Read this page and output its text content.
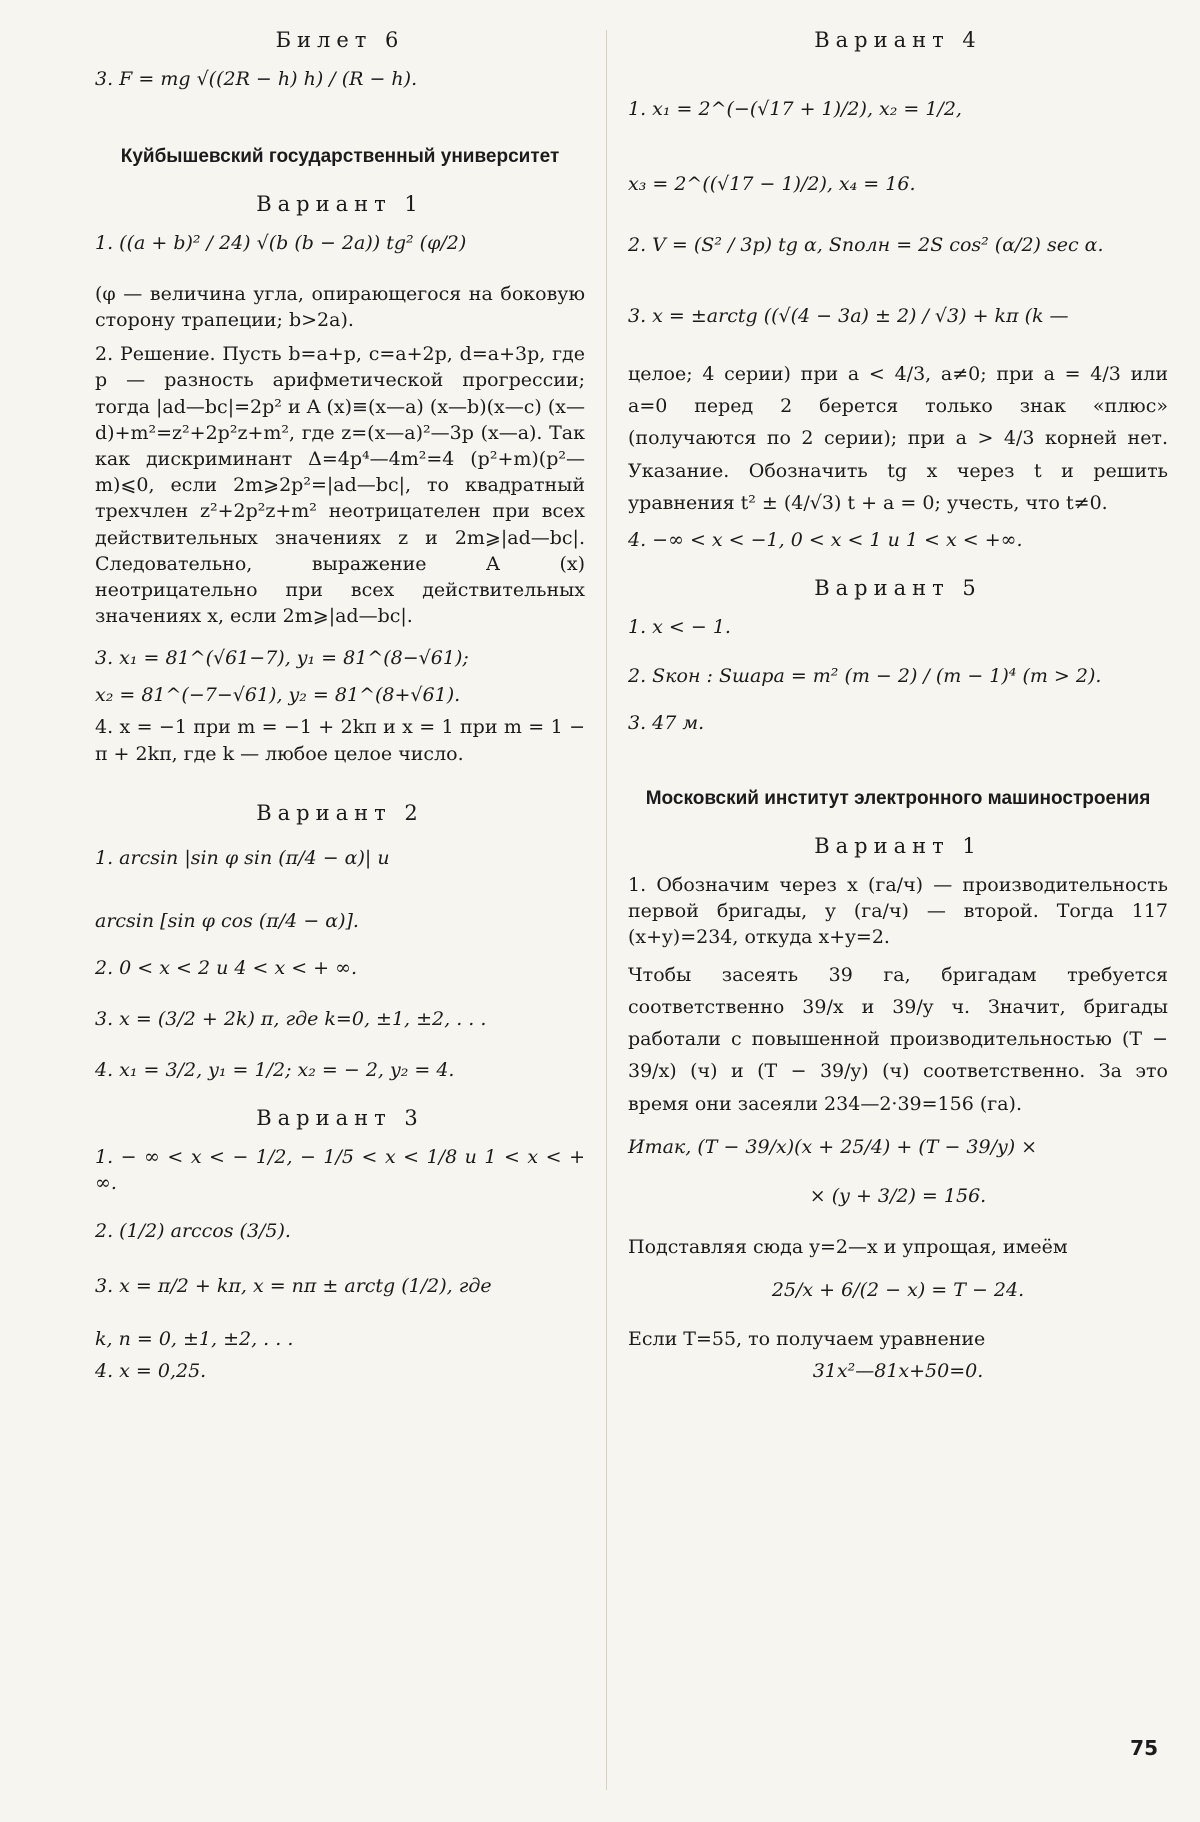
Билет 6
3. F = mg √((2R − h) h) / (R − h).
Куйбышевский государственный университет
Вариант 1
1. ((a + b)² / 24) √(b (b − 2a)) tg² (φ/2)
(φ — величина угла, опирающегося на боковую сторону трапеции; b>2a).
2. Решение. Пусть b=a+p, c=a+2p, d=a+3p, где p — разность арифметической прогрессии; тогда |ad—bc|=2p² и A (x)≡(x—a) (x—b)(x—c) (x—d)+m²=z²+2p²z+m², где z=(x—a)²—3p (x—a). Так как дискриминант Δ=4p⁴—4m²=4 (p²+m)(p²—m)⩽0, если 2m⩾2p²=|ad—bc|, то квадратный трехчлен z²+2p²z+m² неотрицателен при всех действительных значениях z и 2m⩾|ad—bc|. Следовательно, выражение A (x) неотрицательно при всех действительных значениях x, если 2m⩾|ad—bc|.
3. x₁ = 81^(√61−7), y₁ = 81^(8−√61);
x₂ = 81^(−7−√61), y₂ = 81^(8+√61).
4. x = −1 при m = −1 + 2kπ и x = 1 при m = 1 − π + 2kπ, где k — любое целое число.
Вариант 2
1. arcsin |sin φ sin (π/4 − α)| и
arcsin [sin φ cos (π/4 − α)].
2. 0 < x < 2 и 4 < x < + ∞.
3. x = (3/2 + 2k) π, где k=0, ±1, ±2, . . .
4. x₁ = 3/2, y₁ = 1/2; x₂ = − 2, y₂ = 4.
Вариант 3
1. − ∞ < x < − 1/2, − 1/5 < x < 1/8 и 1 < x < + ∞.
2. (1/2) arccos (3/5).
3. x = π/2 + kπ, x = nπ ± arctg (1/2), где
k, n = 0, ±1, ±2, . . .
4. x = 0,25.
Вариант 4
1. x₁ = 2^(−(√17 + 1)/2), x₂ = 1/2,
x₃ = 2^((√17 − 1)/2), x₄ = 16.
2. V = (S² / 3p) tg α, Sполн = 2S cos² (α/2) sec α.
3. x = ±arctg ((√(4 − 3a) ± 2) / √3) + kπ (k —
целое; 4 серии) при a < 4/3, a≠0; при a = 4/3 или a=0 перед 2 берется только знак «плюс» (получаются по 2 серии); при a > 4/3 корней нет. Указание. Обозначить tg x через t и решить уравнения t² ± (4/√3) t + a = 0; учесть, что t≠0.
4. −∞ < x < −1, 0 < x < 1 и 1 < x < +∞.
Вариант 5
1. x < − 1.
2. Sкон : Sшара = m² (m − 2) / (m − 1)⁴ (m > 2).
3. 47 м.
Московский институт электронного машиностроения
Вариант 1
1. Обозначим через x (га/ч) — производительность первой бригады, y (га/ч) — второй. Тогда 117 (x+y)=234, откуда x+y=2.
Чтобы засеять 39 га, бригадам требуется соответственно 39/x и 39/y ч. Значит, бригады работали с повышенной производительностью (T − 39/x) (ч) и (T − 39/y) (ч) соответственно. За это время они засеяли 234—2·39=156 (га).
Итак, (T − 39/x)(x + 25/4) + (T − 39/y) ×
× (y + 3/2) = 156.
Подставляя сюда y=2—x и упрощая, имеём
25/x + 6/(2 − x) = T − 24.
Если T=55, то получаем уравнение
31x²—81x+50=0.
75
